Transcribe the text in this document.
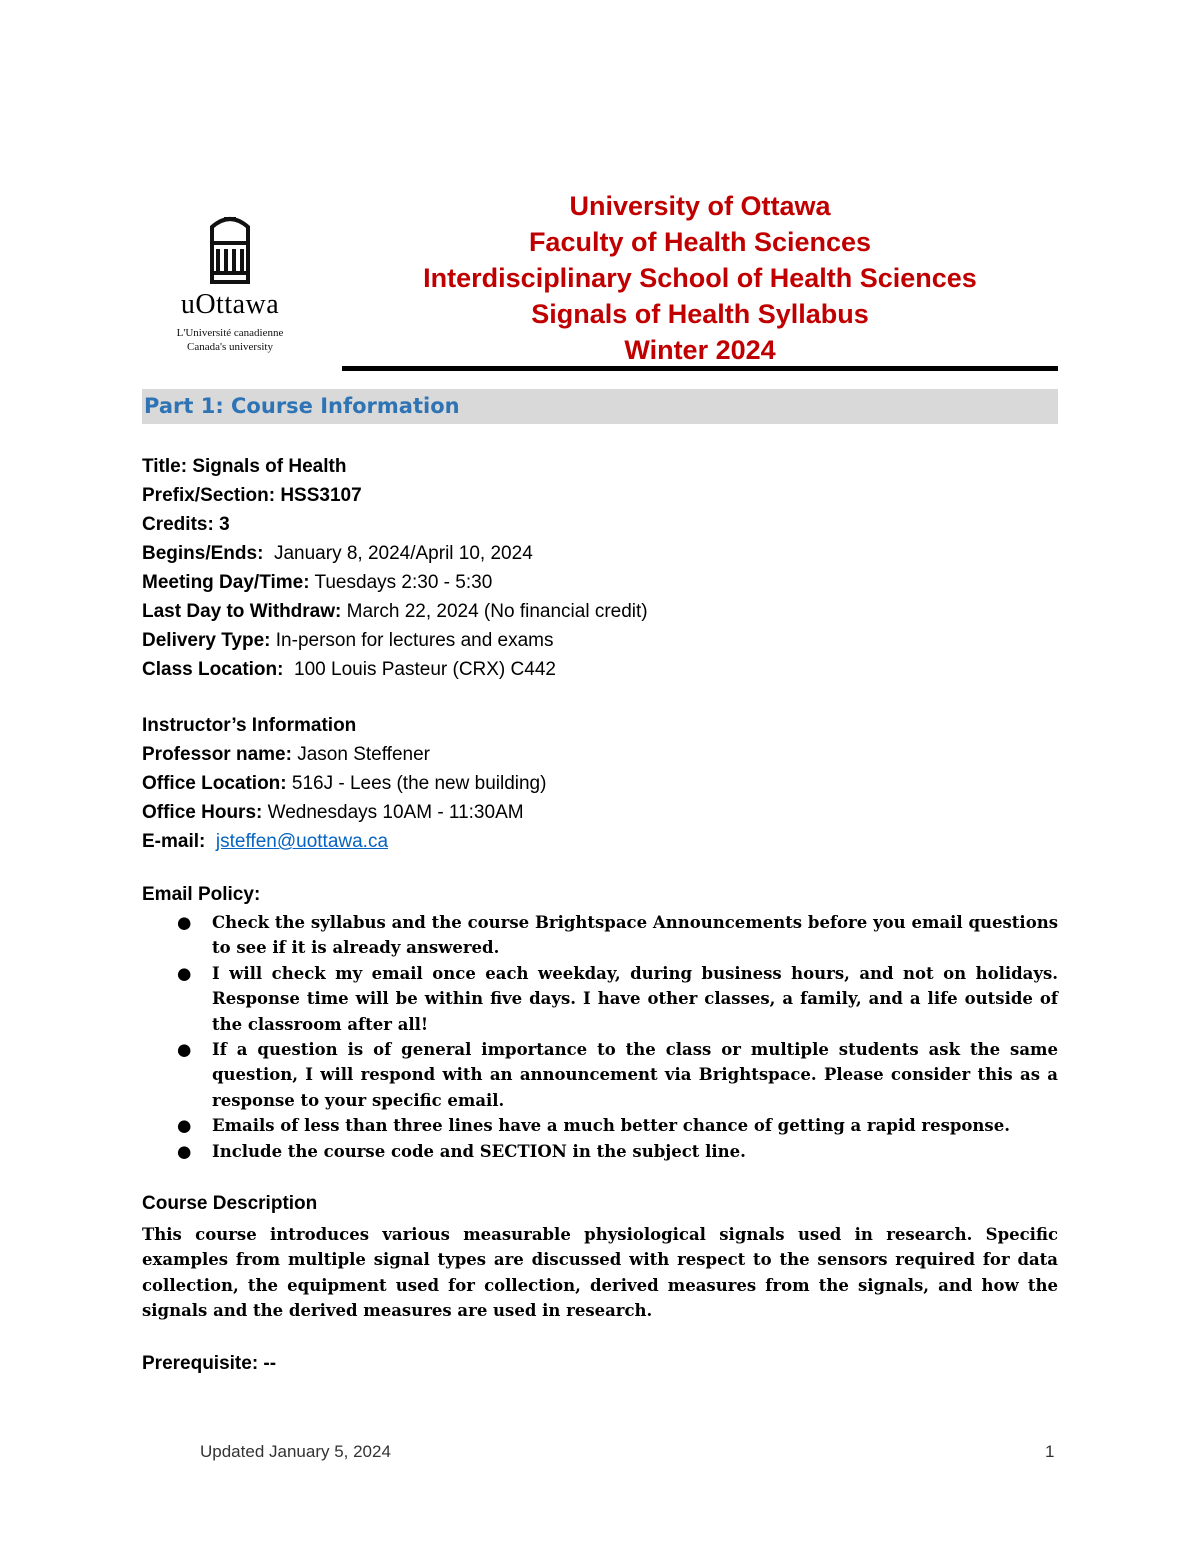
uOttawa
L'Université canadienne
Canada's university
University of Ottawa
Faculty of Health Sciences
Interdisciplinary School of Health Sciences
Signals of Health Syllabus
Winter 2024
Part 1: Course Information
Title: Signals of Health
Prefix/Section: HSS3107
Credits: 3
Begins/Ends: January 8, 2024/April 10, 2024
Meeting Day/Time: Tuesdays 2:30 - 5:30
Last Day to Withdraw: March 22, 2024 (No financial credit)
Delivery Type: In-person for lectures and exams
Class Location: 100 Louis Pasteur (CRX) C442
Instructor’s Information
Professor name: Jason Steffener
Office Location: 516J - Lees (the new building)
Office Hours: Wednesdays 10AM - 11:30AM
E-mail: jsteffen@uottawa.ca
Email Policy:
● Check the syllabus and the course Brightspace Announcements before you email questions to see if it is already answered.
● I will check my email once each weekday, during business hours, and not on holidays. Response time will be within five days. I have other classes, a family, and a life outside of the classroom after all!
● If a question is of general importance to the class or multiple students ask the same question, I will respond with an announcement via Brightspace. Please consider this as a response to your specific email.
● Emails of less than three lines have a much better chance of getting a rapid response.
● Include the course code and SECTION in the subject line.
Course Description
This course introduces various measurable physiological signals used in research. Specific examples from multiple signal types are discussed with respect to the sensors required for data collection, the equipment used for collection, derived measures from the signals, and how the signals and the derived measures are used in research.
Prerequisite: --
Updated January 5, 2024	1
